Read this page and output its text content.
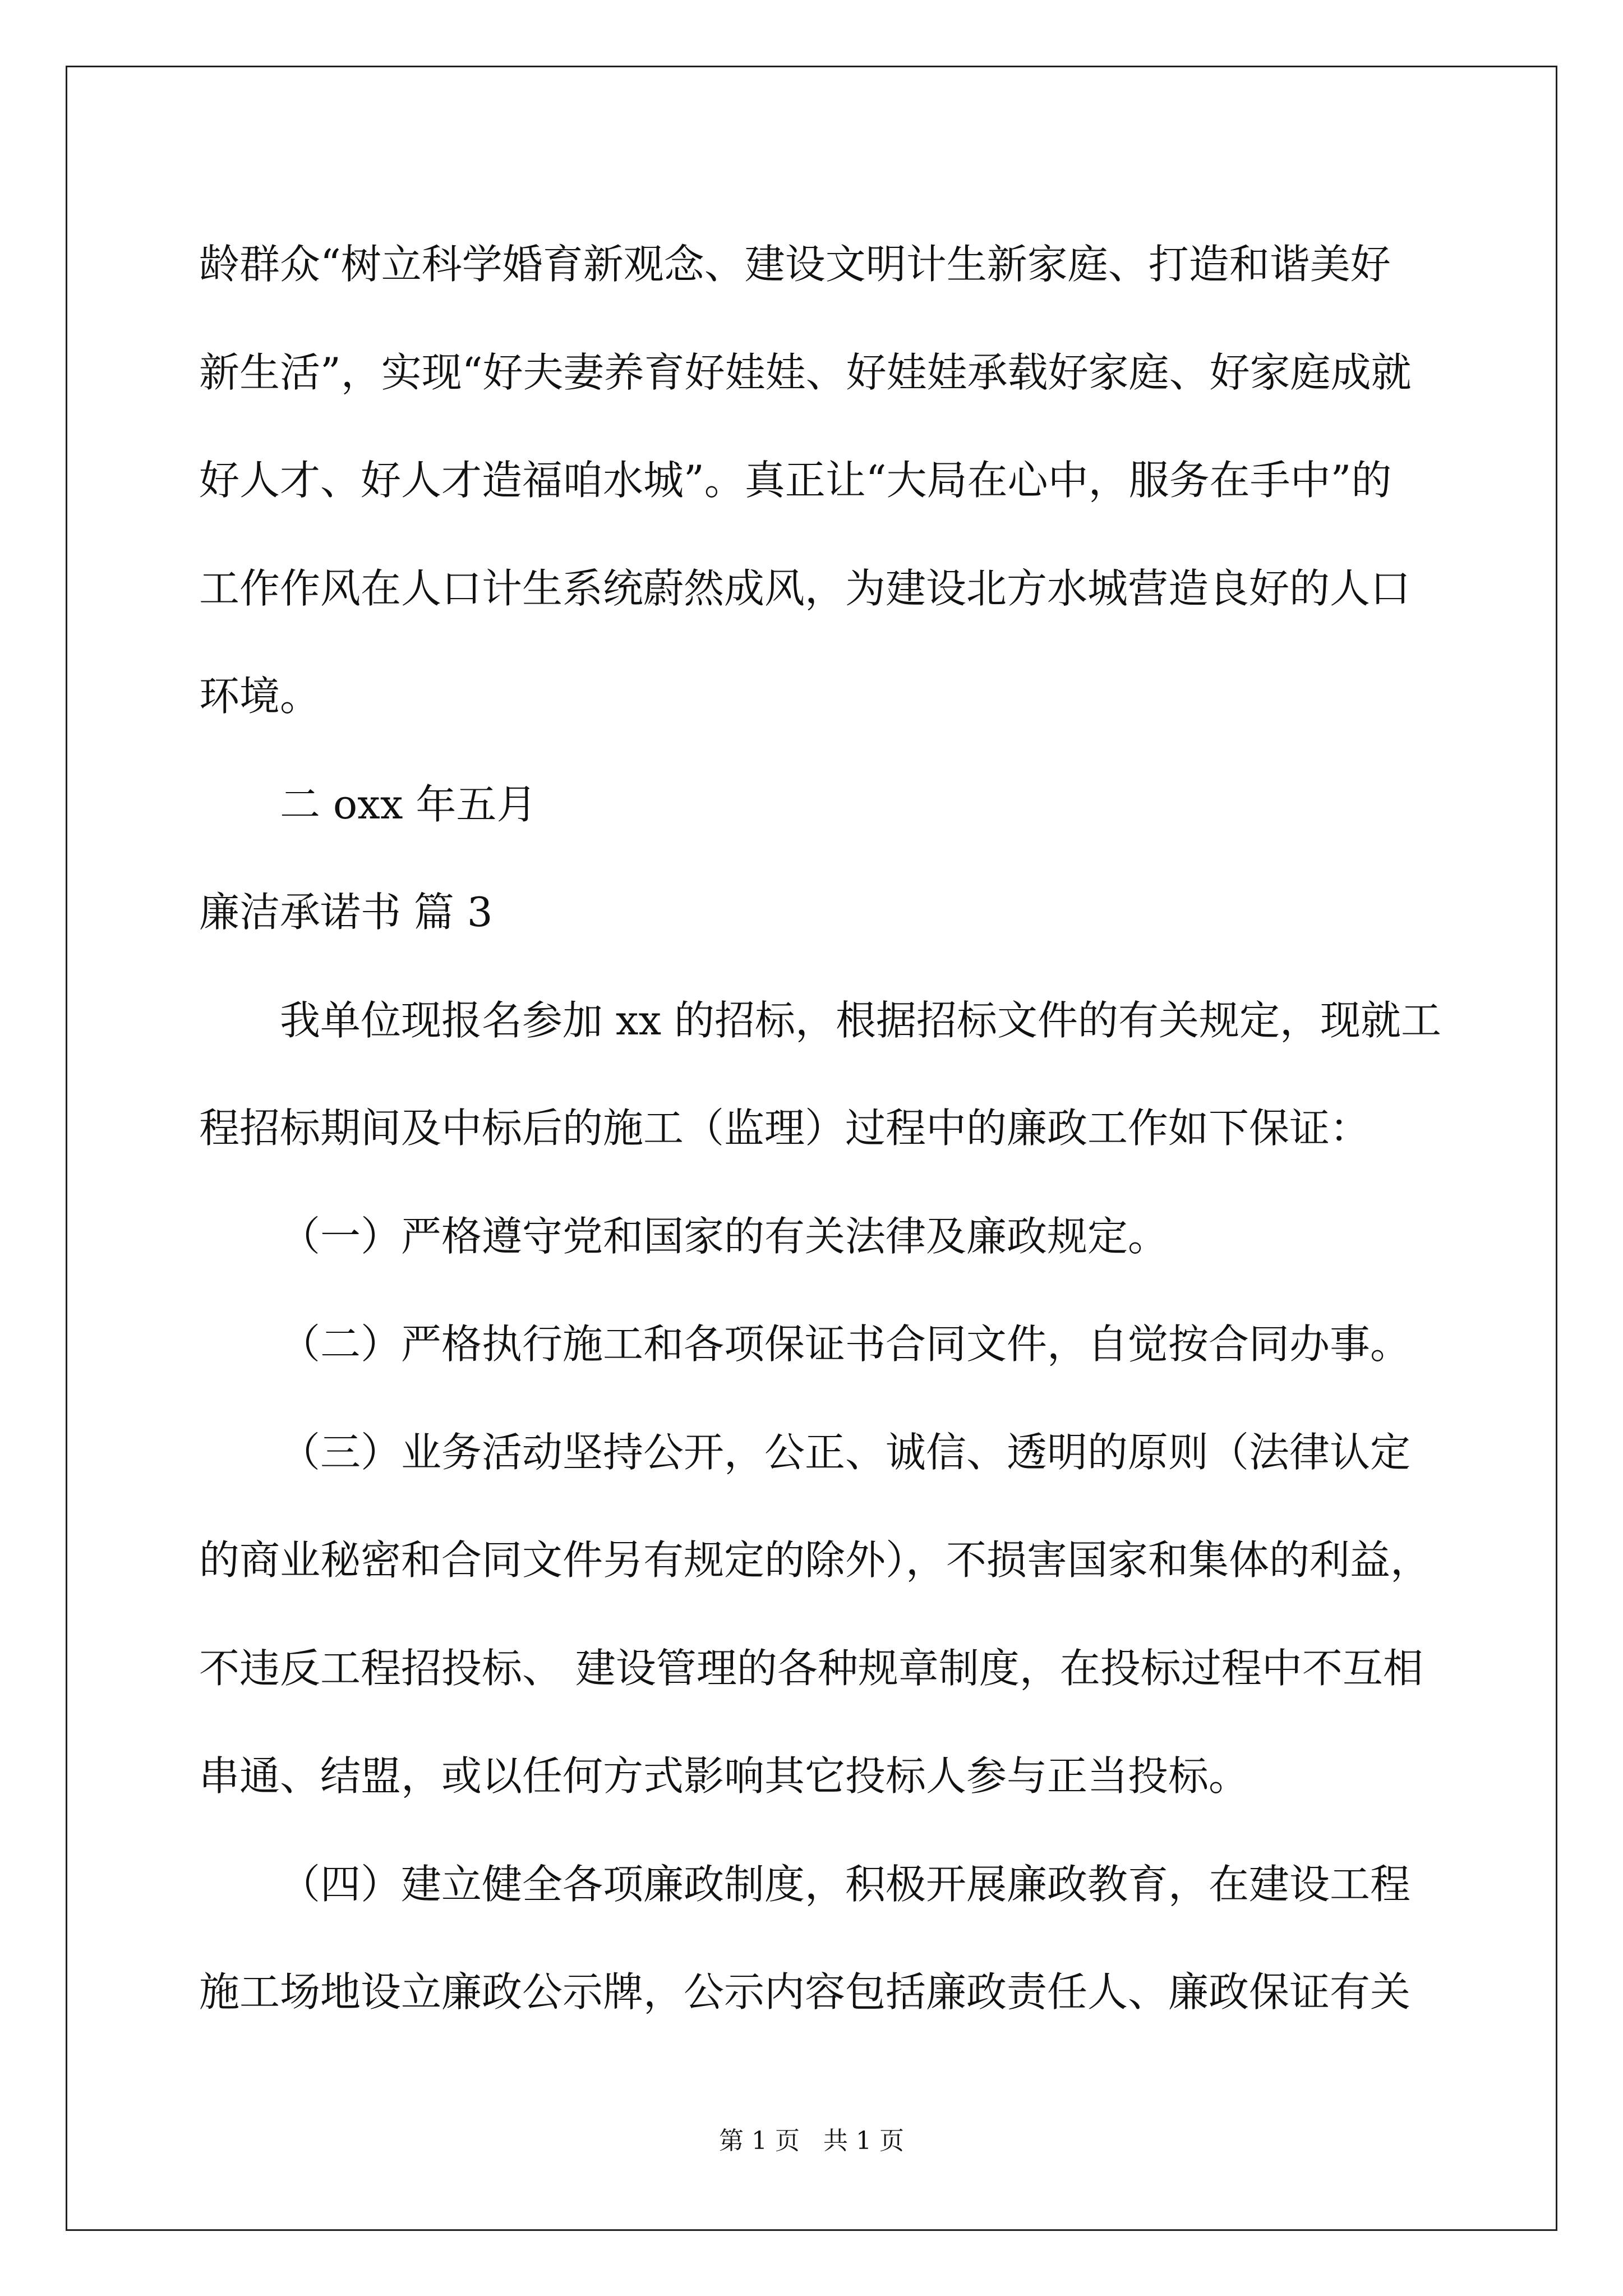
龄群众“树立科学婚育新观念、建设文明计生新家庭、打造和谐美好
新生活”，实现“好夫妻养育好娃娃、好娃娃承载好家庭、好家庭成就
好人才、好人才造福咱水城”。真正让“大局在心中，服务在手中”的
工作作风在人口计生系统蔚然成风，为建设北方水城营造良好的人口
环境。
二 oxx 年五月
廉洁承诺书 篇 3
我单位现报名参加 xx 的招标，根据招标文件的有关规定，现就工
程招标期间及中标后的施工（监理）过程中的廉政工作如下保证：
（一）严格遵守党和国家的有关法律及廉政规定。
（二）严格执行施工和各项保证书合同文件，自觉按合同办事。
（三）业务活动坚持公开，公正、诚信、透明的原则（法律认定
的商业秘密和合同文件另有规定的除外），不损害国家和集体的利益，
不违反工程招投标、 建设管理的各种规章制度，在投标过程中不互相
串通、结盟，或以任何方式影响其它投标人参与正当投标。
（四）建立健全各项廉政制度，积极开展廉政教育，在建设工程
施工场地设立廉政公示牌，公示内容包括廉政责任人、廉政保证有关
第 1 页   共 1 页
